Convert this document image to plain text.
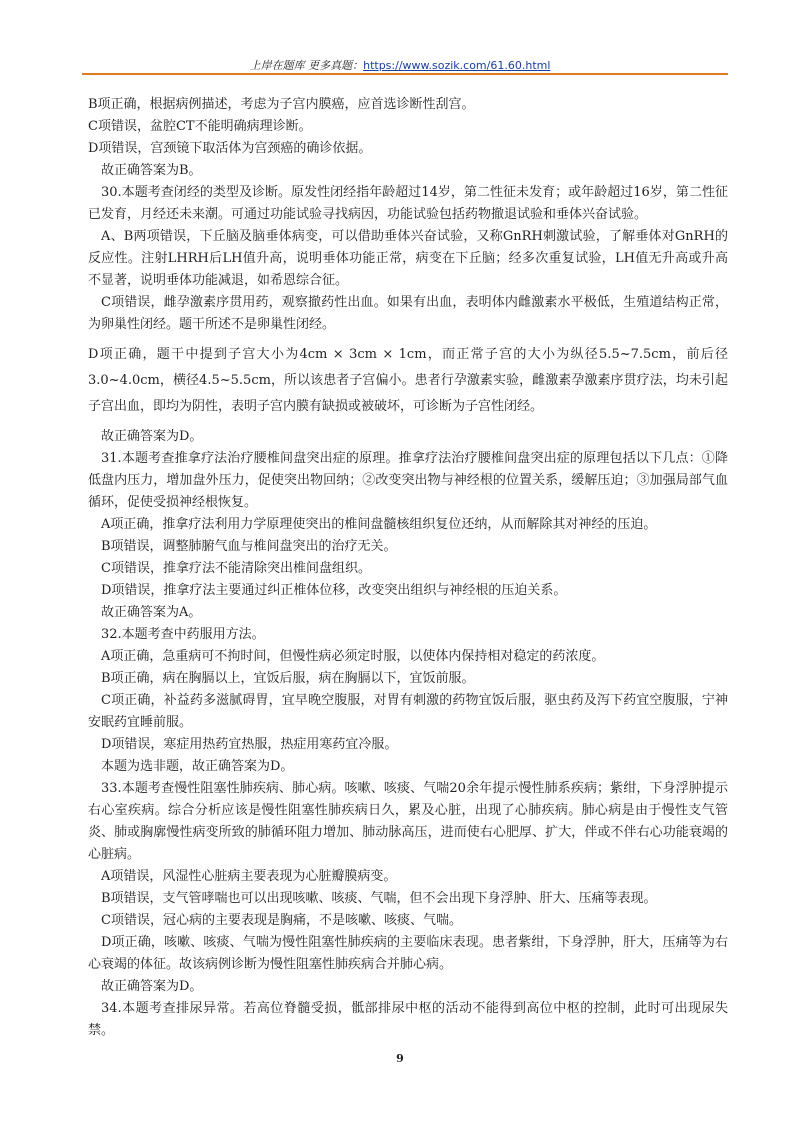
上岸在题库 更多真题：https://www.sozik.com/61.60.html

B项正确，根据病例描述，考虑为子宫内膜癌，应首选诊断性刮宫。

C项错误，盆腔CT不能明确病理诊断。

D项错误，宫颈镜下取活体为宫颈癌的确诊依据。

故正确答案为B。

30.本题考查闭经的类型及诊断。原发性闭经指年龄超过14岁，第二性征未发育；或年龄超过16岁，第二性征已发育，月经还未来潮。可通过功能试验寻找病因，功能试验包括药物撤退试验和垂体兴奋试验。

A、B两项错误，下丘脑及脑垂体病变，可以借助垂体兴奋试验，又称GnRH刺激试验，了解垂体对GnRH的反应性。注射LHRH后LH值升高，说明垂体功能正常，病变在下丘脑；经多次重复试验，LH值无升高或升高不显著，说明垂体功能减退，如希恩综合征。

C项错误，雌孕激素序贯用药，观察撤药性出血。如果有出血，表明体内雌激素水平极低，生殖道结构正常，为卵巢性闭经。题干所述不是卵巢性闭经。

D项正确，题干中提到子宫大小为4cm × 3cm × 1cm，而正常子宫的大小为纵径5.5~7.5cm，前后径3.0~4.0cm，横径4.5~5.5cm，所以该患者子宫偏小。患者行孕激素实验，雌激素孕激素序贯疗法，均未引起子宫出血，即均为阴性，表明子宫内膜有缺损或被破坏，可诊断为子宫性闭经。

故正确答案为D。

31.本题考查推拿疗法治疗腰椎间盘突出症的原理。推拿疗法治疗腰椎间盘突出症的原理包括以下几点：①降低盘内压力，增加盘外压力，促使突出物回纳；②改变突出物与神经根的位置关系，缓解压迫；③加强局部气血循环，促使受损神经根恢复。

A项正确，推拿疗法利用力学原理使突出的椎间盘髓核组织复位还纳，从而解除其对神经的压迫。

B项错误，调整肺腑气血与椎间盘突出的治疗无关。

C项错误，推拿疗法不能清除突出椎间盘组织。

D项错误，推拿疗法主要通过纠正椎体位移，改变突出组织与神经根的压迫关系。

故正确答案为A。

32.本题考查中药服用方法。

A项正确，急重病可不拘时间，但慢性病必须定时服，以使体内保持相对稳定的药浓度。

B项正确，病在胸膈以上，宜饭后服，病在胸膈以下，宜饭前服。

C项正确，补益药多滋腻碍胃，宜早晚空腹服，对胃有刺激的药物宜饭后服，驱虫药及泻下药宜空腹服，宁神安眠药宜睡前服。

D项错误，寒症用热药宜热服，热症用寒药宜冷服。

本题为选非题，故正确答案为D。

33.本题考查慢性阻塞性肺疾病、肺心病。咳嗽、咳痰、气喘20余年提示慢性肺系疾病；紫绀，下身浮肿提示右心室疾病。综合分析应该是慢性阻塞性肺疾病日久，累及心脏，出现了心肺疾病。肺心病是由于慢性支气管炎、肺或胸廓慢性病变所致的肺循环阻力增加、肺动脉高压，进而使右心肥厚、扩大，伴或不伴右心功能衰竭的心脏病。

A项错误，风湿性心脏病主要表现为心脏瓣膜病变。

B项错误，支气管哮喘也可以出现咳嗽、咳痰、气喘，但不会出现下身浮肿、肝大、压痛等表现。

C项错误，冠心病的主要表现是胸痛，不是咳嗽、咳痰、气喘。

D项正确，咳嗽、咳痰、气喘为慢性阻塞性肺疾病的主要临床表现。患者紫绀，下身浮肿，肝大，压痛等为右心衰竭的体征。故该病例诊断为慢性阻塞性肺疾病合并肺心病。

故正确答案为D。

34.本题考查排尿异常。若高位脊髓受损，骶部排尿中枢的活动不能得到高位中枢的控制，此时可出现尿失禁。

9
